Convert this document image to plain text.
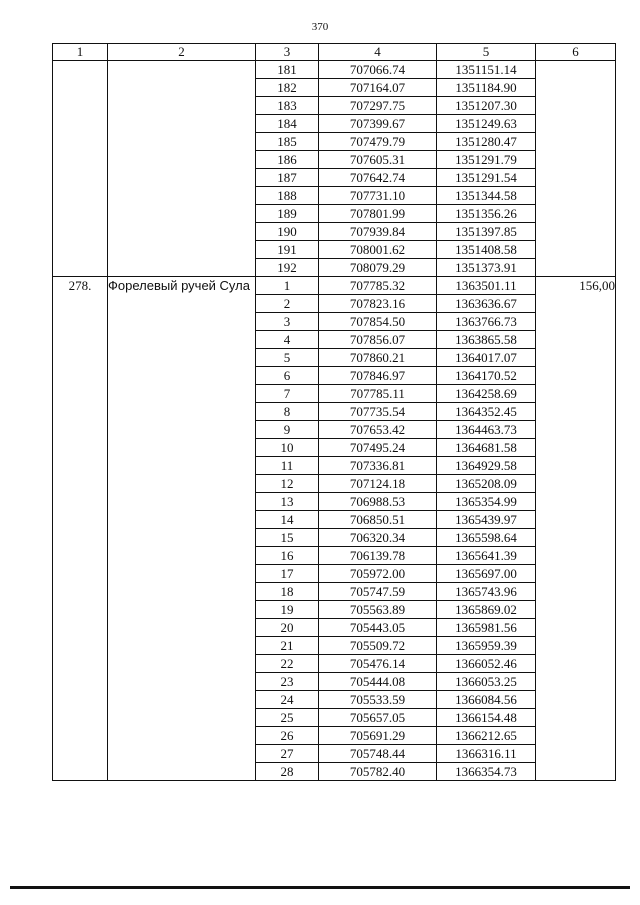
370
1	2	3	4	5	6
		181	707066.74	1351151.14	
		182	707164.07	1351184.90	
		183	707297.75	1351207.30	
		184	707399.67	1351249.63	
		185	707479.79	1351280.47	
		186	707605.31	1351291.79	
		187	707642.74	1351291.54	
		188	707731.10	1351344.58	
		189	707801.99	1351356.26	
		190	707939.84	1351397.85	
		191	708001.62	1351408.58	
		192	708079.29	1351373.91	
278.	Форелевый ручей Сула	1	707785.32	1363501.11	156,00
		2	707823.16	1363636.67	
		3	707854.50	1363766.73	
		4	707856.07	1363865.58	
		5	707860.21	1364017.07	
		6	707846.97	1364170.52	
		7	707785.11	1364258.69	
		8	707735.54	1364352.45	
		9	707653.42	1364463.73	
		10	707495.24	1364681.58	
		11	707336.81	1364929.58	
		12	707124.18	1365208.09	
		13	706988.53	1365354.99	
		14	706850.51	1365439.97	
		15	706320.34	1365598.64	
		16	706139.78	1365641.39	
		17	705972.00	1365697.00	
		18	705747.59	1365743.96	
		19	705563.89	1365869.02	
		20	705443.05	1365981.56	
		21	705509.72	1365959.39	
		22	705476.14	1366052.46	
		23	705444.08	1366053.25	
		24	705533.59	1366084.56	
		25	705657.05	1366154.48	
		26	705691.29	1366212.65	
		27	705748.44	1366316.11	
		28	705782.40	1366354.73	
